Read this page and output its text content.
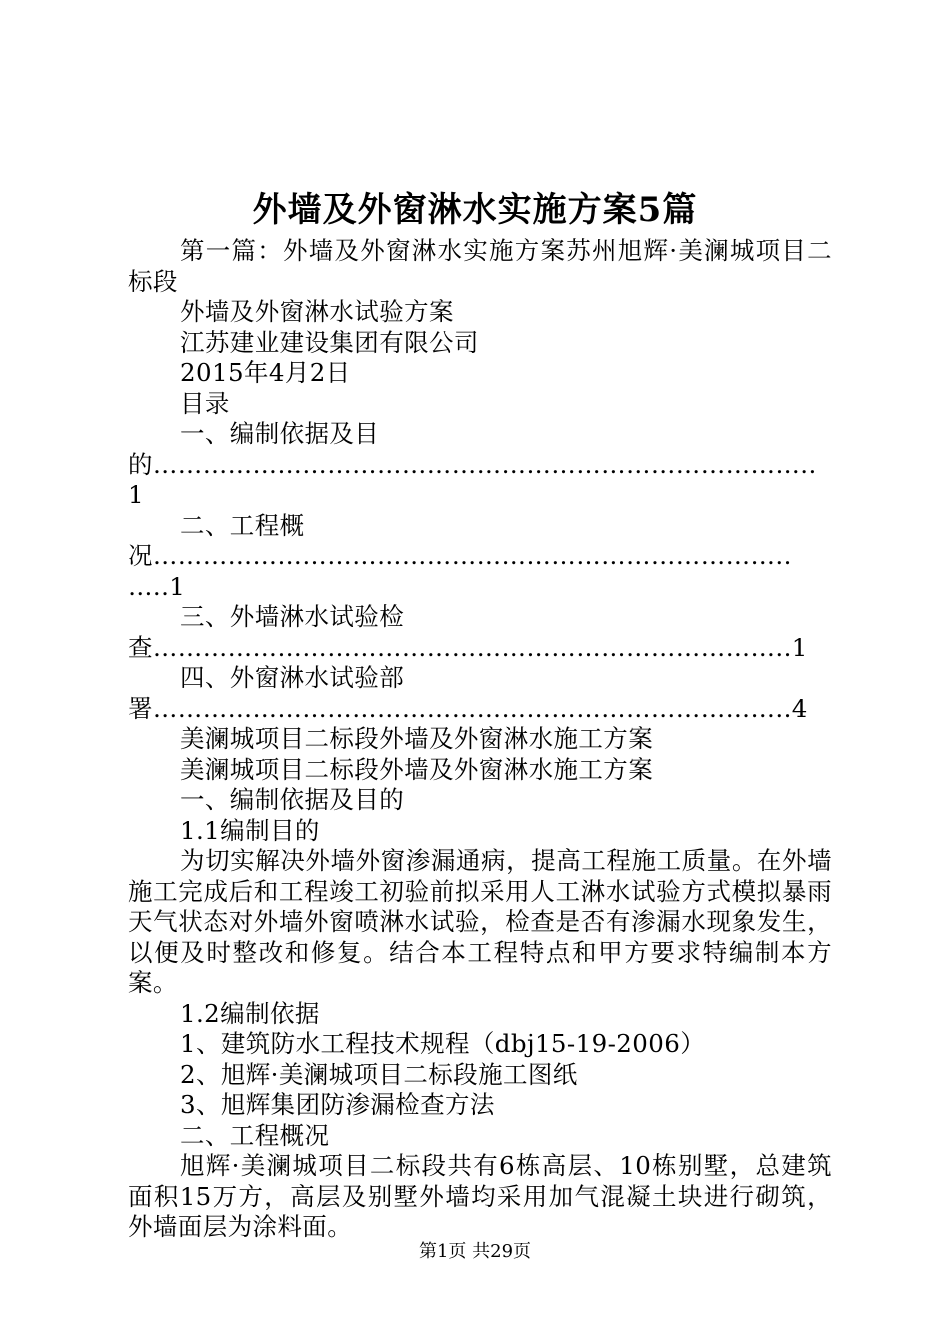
外墙及外窗淋水实施方案5篇

第一篇：外墙及外窗淋水实施方案苏州旭辉·美澜城项目二标段

外墙及外窗淋水试验方案

江苏建业建设集团有限公司

2015年4月2日

目录

一、编制依据及目的……………………………………………………………………..1

二、工程概况………………………………………………………………….. …..1

三、外墙淋水试验检查…………………………………………………………………..1

四、外窗淋水试验部署…………………………………………………………………..4

美澜城项目二标段外墙及外窗淋水施工方案

美澜城项目二标段外墙及外窗淋水施工方案

一、编制依据及目的

1.1编制目的

为切实解决外墙外窗渗漏通病，提高工程施工质量。在外墙施工完成后和工程竣工初验前拟采用人工淋水试验方式模拟暴雨天气状态对外墙外窗喷淋水试验，检查是否有渗漏水现象发生，以便及时整改和修复。结合本工程特点和甲方要求特编制本方案。

1.2编制依据

1、建筑防水工程技术规程（dbj15-19-2006）

2、旭辉·美澜城项目二标段施工图纸

3、旭辉集团防渗漏检查方法

二、工程概况

旭辉·美澜城项目二标段共有6栋高层、10栋别墅，总建筑面积15万方，高层及别墅外墙均采用加气混凝土块进行砌筑，外墙面层为涂料面。

第1页 共29页
